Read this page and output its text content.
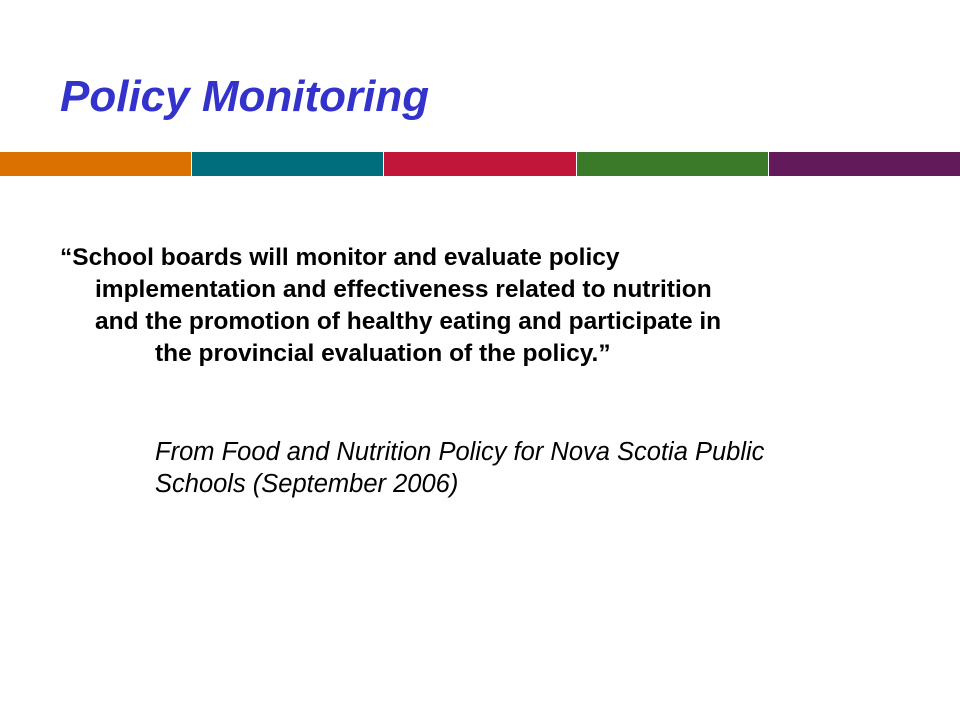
Policy Monitoring

“School boards will monitor and evaluate policy
implementation and effectiveness related to nutrition
and the promotion of healthy eating and participate in
the provincial evaluation of the policy.”

From Food and Nutrition Policy for Nova Scotia Public
Schools (September 2006)
